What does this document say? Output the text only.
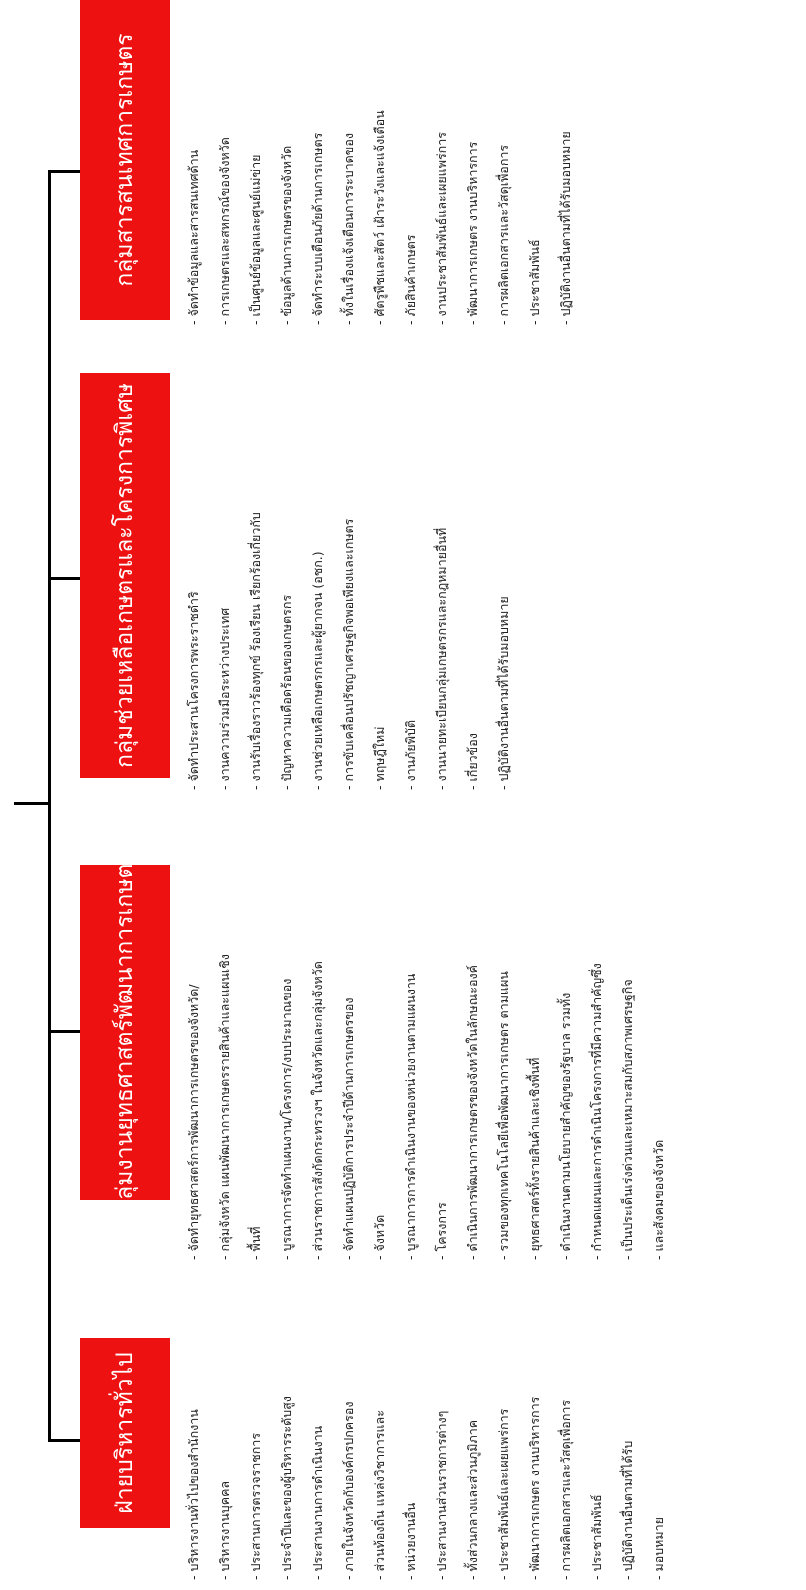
ฝ่ายบริหารทั่วไป	- บริหารงานทั่วไปของสำนักงาน	- บริหารงานบุคคล	- ประสานการตรวจราชการ	- ประจำปีและของผู้บริหารระดับสูง	- ประสานงานการดำเนินงาน	- ภายในจังหวัดกับองค์กรปกครอง	- ส่วนท้องถิ่น แหล่งวิชาการและ	- หน่วยงานอื่น	- ประสานงานส่วนราชการต่างๆ	- ทั้งส่วนกลางและส่วนภูมิภาค	- ประชาสัมพันธ์และเผยแพร่การ	- พัฒนาการเกษตร งานบริหารการ	- การผลิตเอกสารและวัสดุเพื่อการ	- ประชาสัมพันธ์	- ปฏิบัติงานอื่นตามที่ได้รับ	- มอบหมาย
กลุ่มงานยุทธศาสตร์พัฒนาการเกษตร	- จัดทำยุทธศาสตร์การพัฒนาการเกษตรของจังหวัด/	- กลุ่มจังหวัด แผนพัฒนาการเกษตรรายสินค้าและแผนเชิง	- พื้นที่	- บูรณาการจัดทำแผนงาน/โครงการ/งบประมาณของ	- ส่วนราชการสังกัดกระทรวงฯ ในจังหวัดและกลุ่มจังหวัด	- จัดทำแผนปฏิบัติการประจำปีด้านการเกษตรของ	- จังหวัด	- บูรณาการการดำเนินงานของหน่วยงานตามแผนงาน	- โครงการ	- ดำเนินการพัฒนาการเกษตรของจังหวัดในลักษณะองค์	- รวมของทุกเทคโนโลยีเพื่อพัฒนาการเกษตร ตามแผน	- ยุทธศาสตร์ทั้งรายสินค้าและเชิงพื้นที่	- ดำเนินงานตามนโยบายสำคัญของรัฐบาล รวมทั้ง	- กำหนดแผนและการดำเนินโครงการที่มีความสำคัญซึ่ง	- เป็นประเด็นเร่งด่วนและเหมาะสมกับสภาพเศรษฐกิจ	- และสังคมของจังหวัด
กลุ่มช่วยเหลือเกษตรและโครงการพิเศษ	- จัดทำประสานโครงการพระราชดำริ	- งานความร่วมมือระหว่างประเทศ	- งานรับเรื่องราวร้องทุกข์ ร้องเรียน เรียกร้องเกี่ยวกับ	- ปัญหาความเดือดร้อนของเกษตรกร	- งานช่วยเหลือเกษตรกรและผู้ยากจน (อชก.)	- การขับเคลื่อนปรัชญาเศรษฐกิจพอเพียงและเกษตร	- ทฤษฎีใหม่	- งานภัยพิบัติ	- งานนายทะเบียนกลุ่มเกษตรกรและกฎหมายอื่นที่	- เกี่ยวข้อง	- ปฏิบัติงานอื่นตามที่ได้รับมอบหมาย
กลุ่มสารสนเทศการเกษตร	- จัดทำข้อมูลและสารสนเทศด้าน	- การเกษตรและสหกรณ์ของจังหวัด	- เป็นศูนย์ข้อมูลและศูนย์แม่ข่าย	- ข้อมูลด้านการเกษตรของจังหวัด	- จัดทำระบบเตือนภัยด้านการเกษตร	- ทั้งในเรื่องแจ้งเตือนการระบาดของ	- ศัตรูพืชและสัตว์ เฝ้าระวังและแจ้งเตือน	- ภัยสินค้าเกษตร	- งานประชาสัมพันธ์และเผยแพร่การ	- พัฒนาการเกษตร งานบริหารการ	- การผลิตเอกสารและวัสดุเพื่อการ	- ประชาสัมพันธ์	- ปฏิบัติงานอื่นตามที่ได้รับมอบหมาย
